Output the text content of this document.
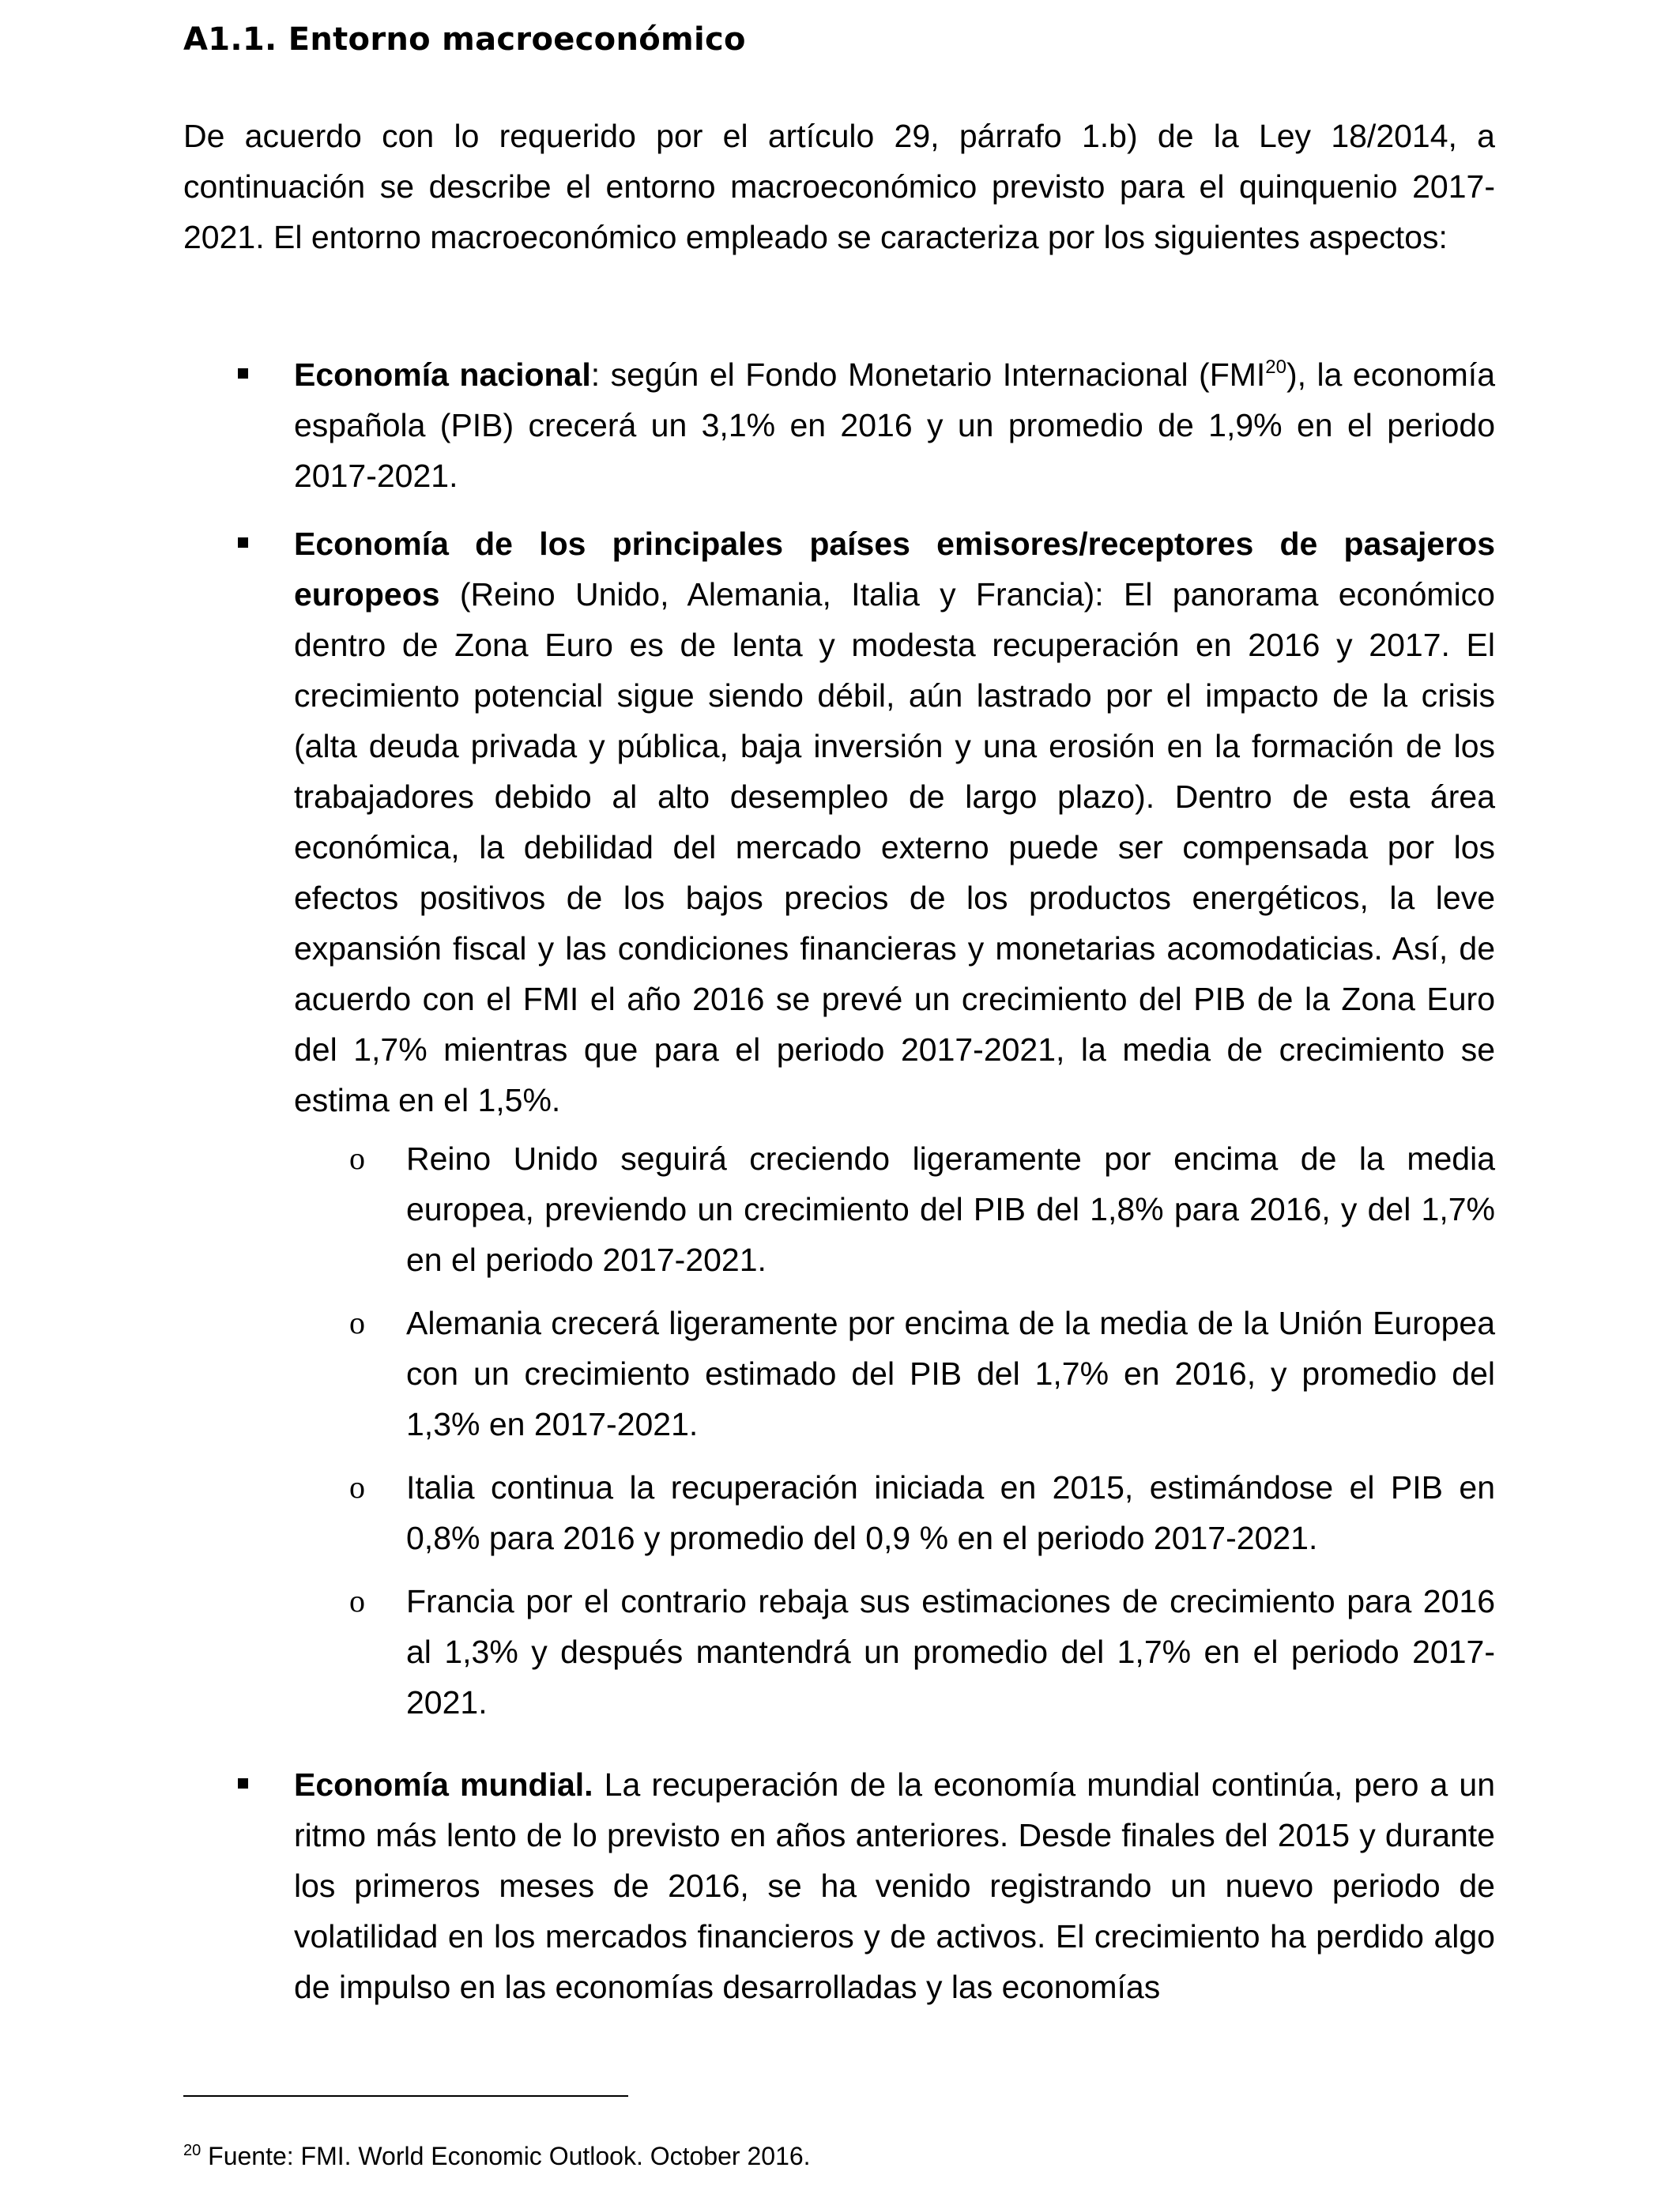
A1.1. Entorno macroeconómico

De acuerdo con lo requerido por el artículo 29, párrafo 1.b) de la Ley 18/2014, a continuación se describe el entorno macroeconómico previsto para el quinquenio 2017-2021. El entorno macroeconómico empleado se caracteriza por los siguientes aspectos:

Economía nacional: según el Fondo Monetario Internacional (FMI$^{20}$), la economía española (PIB) crecerá un 3,1% en 2016 y un promedio de 1,9% en el periodo 2017-2021.

Economía de los principales países emisores/receptores de pasajeros europeos (Reino Unido, Alemania, Italia y Francia): El panorama económico dentro de Zona Euro es de lenta y modesta recuperación en 2016 y 2017. El crecimiento potencial sigue siendo débil, aún lastrado por el impacto de la crisis (alta deuda privada y pública, baja inversión y una erosión en la formación de los trabajadores debido al alto desempleo de largo plazo). Dentro de esta área económica, la debilidad del mercado externo puede ser compensada por los efectos positivos de los bajos precios de los productos energéticos, la leve expansión fiscal y las condiciones financieras y monetarias acomodaticias. Así, de acuerdo con el FMI el año 2016 se prevé un crecimiento del PIB de la Zona Euro del 1,7% mientras que para el periodo 2017-2021, la media de crecimiento se estima en el 1,5%.

o Reino Unido seguirá creciendo ligeramente por encima de la media europea, previendo un crecimiento del PIB del 1,8% para 2016, y del 1,7% en el periodo 2017-2021.

o Alemania crecerá ligeramente por encima de la media de la Unión Europea con un crecimiento estimado del PIB del 1,7% en 2016, y promedio del 1,3% en 2017-2021.

o Italia continua la recuperación iniciada en 2015, estimándose el PIB en 0,8% para 2016 y promedio del 0,9 % en el periodo 2017-2021.

o Francia por el contrario rebaja sus estimaciones de crecimiento para 2016 al 1,3% y después mantendrá un promedio del 1,7% en el periodo 2017-2021.

Economía mundial. La recuperación de la economía mundial continúa, pero a un ritmo más lento de lo previsto en años anteriores. Desde finales del 2015 y durante los primeros meses de 2016, se ha venido registrando un nuevo periodo de volatilidad en los mercados financieros y de activos. El crecimiento ha perdido algo de impulso en las economías desarrolladas y las economías

$^{20}$ Fuente: FMI. World Economic Outlook. October 2016.
